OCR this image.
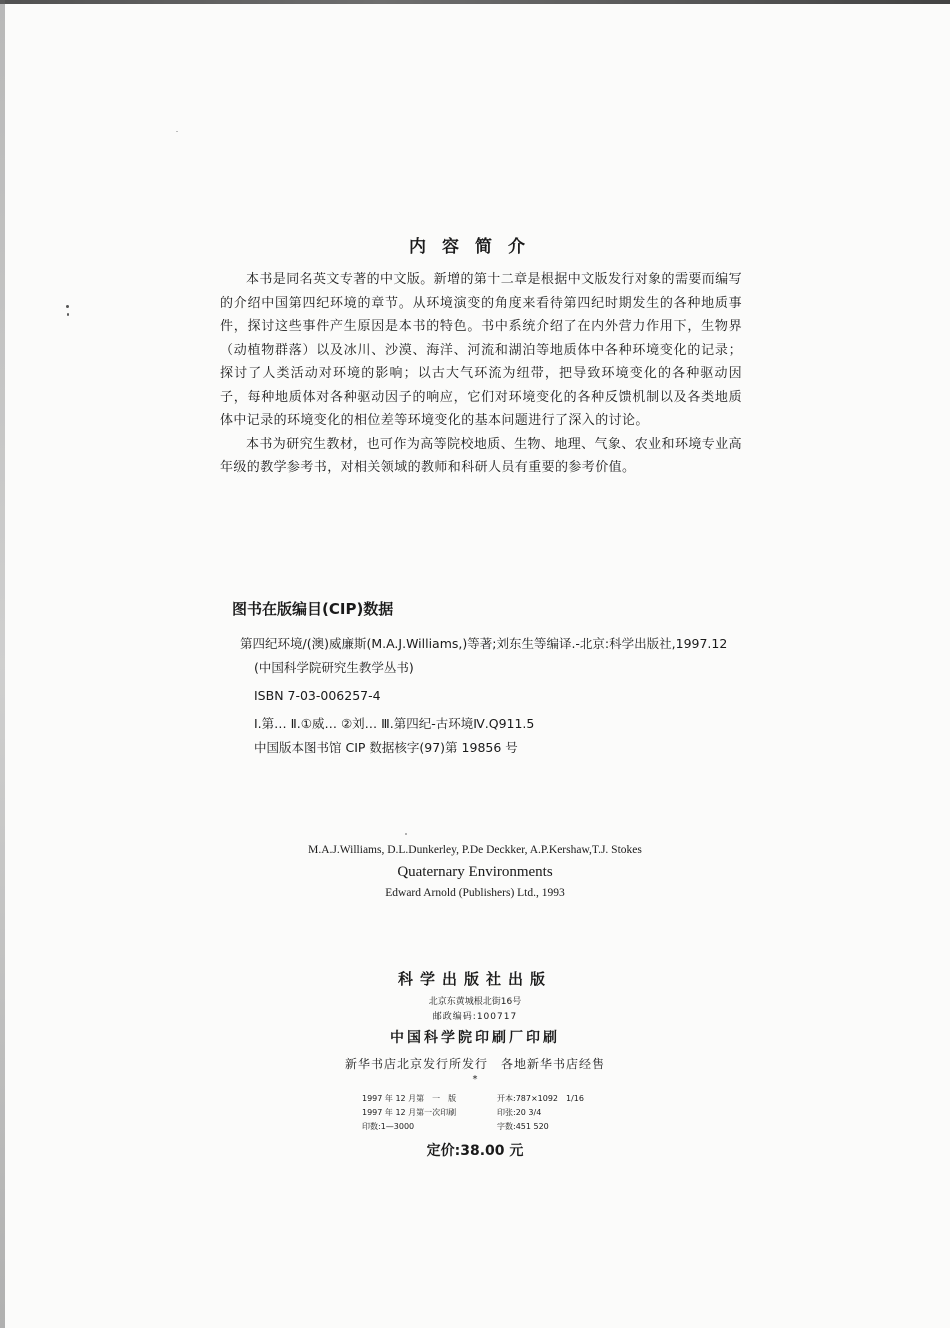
内容简介

本书是同名英文专著的中文版。新增的第十二章是根据中文版发行对象的需要而编写的介绍中国第四纪环境的章节。从环境演变的角度来看待第四纪时期发生的各种地质事件，探讨这些事件产生原因是本书的特色。书中系统介绍了在内外营力作用下，生物界（动植物群落）以及冰川、沙漠、海洋、河流和湖泊等地质体中各种环境变化的记录；探讨了人类活动对环境的影响；以古大气环流为纽带，把导致环境变化的各种驱动因子，每种地质体对各种驱动因子的响应，它们对环境变化的各种反馈机制以及各类地质体中记录的环境变化的相位差等环境变化的基本问题进行了深入的讨论。

本书为研究生教材，也可作为高等院校地质、生物、地理、气象、农业和环境专业高年级的教学参考书，对相关领域的教师和科研人员有重要的参考价值。

图书在版编目(CIP)数据
第四纪环境/(澳)威廉斯(M.A.J.Williams,)等著;刘东生等编译.-北京:科学出版社,1997.12
(中国科学院研究生教学丛书)
ISBN 7-03-006257-4
Ⅰ.第… Ⅱ.①威… ②刘… Ⅲ.第四纪-古环境Ⅳ.Q911.5
中国版本图书馆 CIP 数据核字(97)第 19856 号
M.A.J.Williams, D.L.Dunkerley, P.De Deckker, A.P.Kershaw,T.J. Stokes
Quaternary Environments
Edward Arnold (Publishers) Ltd., 1993
科学出版社出版
北京东黄城根北街16号
邮政编码:100717
中国科学院印刷厂印刷
新华书店北京发行所发行　各地新华书店经售
*
1997 年 12 月第　一　版	开本:787×1092　1/16
1997 年 12 月第一次印刷	印张:20 3/4
印数:1—3000	字数:451 520
定价:38.00 元
